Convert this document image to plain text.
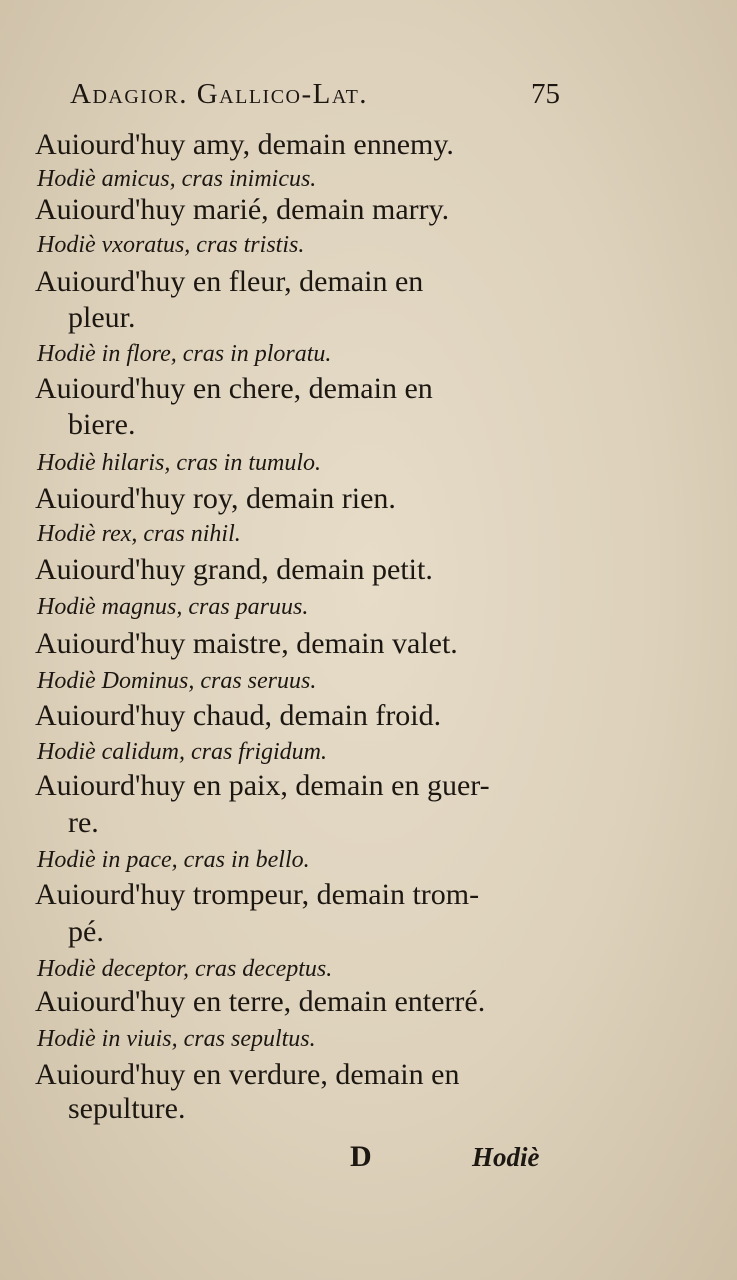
Adagior. Gallico-Lat.	75
Auiourd'huy amy, demain ennemy.
Hodiè amicus, cras inimicus.
Auiourd'huy marié, demain marry.
Hodiè vxoratus, cras tristis.
Auiourd'huy en fleur, demain en
pleur.
Hodiè in flore, cras in ploratu.
Auiourd'huy en chere, demain en
biere.
Hodiè hilaris, cras in tumulo.
Auiourd'huy roy, demain rien.
Hodiè rex, cras nihil.
Auiourd'huy grand, demain petit.
Hodiè magnus, cras paruus.
Auiourd'huy maistre, demain valet.
Hodiè Dominus, cras seruus.
Auiourd'huy chaud, demain froid.
Hodiè calidum, cras frigidum.
Auiourd'huy en paix, demain en guer-
re.
Hodiè in pace, cras in bello.
Auiourd'huy trompeur, demain trom-
pé.
Hodiè deceptor, cras deceptus.
Auiourd'huy en terre, demain enterré.
Hodiè in viuis, cras sepultus.
Auiourd'huy en verdure, demain en
sepulture.
D	Hodiè
